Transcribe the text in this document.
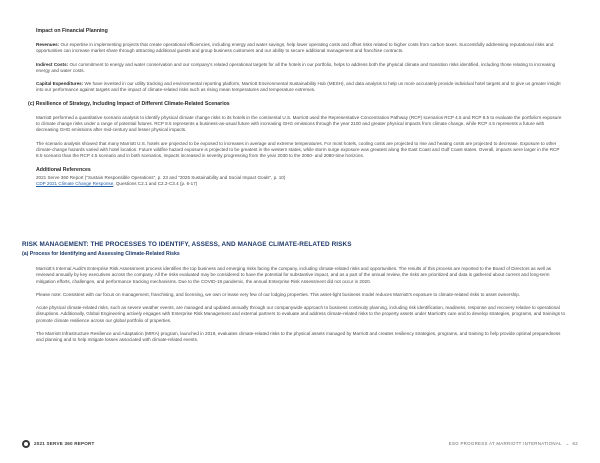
Impact on Financial Planning

Revenues: Our expertise in implementing projects that create operational efficiencies, including energy and water savings, help lower operating costs and offset risks related to higher costs from carbon taxes. Successfully addressing reputational risks and opportunities can increase market share through attracting additional guests and group business customers and our ability to secure additional management and franchise contracts.

Indirect Costs: Our commitment to energy and water conservation and our company's related operational targets for all the hotels in our portfolio, helps to address both the physical climate and transition risks identified, including those relating to increasing energy and water costs.

Capital Expenditures: We have invested in our utility tracking and environmental reporting platform, Marriott Environmental Sustainability Hub (MESH), and data analysis to help us more accurately provide individual hotel targets and to give us greater insight into our performance against targets and the impact of climate-related risks such as rising mean temperatures and temperature extremes.

(c) Resilience of Strategy, Including Impact of Different Climate-Related Scenarios

Marriott performed a quantitative scenario analysis to identify physical climate change risks to its hotels in the continental U.S. Marriott used the Representative Concentration Pathway (RCP) scenarios RCP 4.5 and RCP 8.5 to evaluate the portfolio's exposure to climate change risks under a range of potential futures. RCP 8.5 represents a business-as-usual future with increasing GHG emissions through the year 2100 and greater physical impacts from climate change, while RCP 4.5 represents a future with decreasing GHG emissions after mid-century and lesser physical impacts.

The scenario analysis showed that many Marriott U.S. hotels are projected to be exposed to increases in average and extreme temperatures. For most hotels, cooling costs are projected to rise and heating costs are projected to decrease. Exposure to other climate-change hazards varied with hotel location. Future wildfire hazard exposure is projected to be greatest in the western states, while storm surge exposure was greatest along the East Coast and Gulf Coast states. Overall, impacts were larger in the RCP 8.5 scenario than the RCP 4.5 scenario and in both scenarios, impacts increased in severity progressing from the year 2030 to the 2050- and 2080-time horizons.

Additional References

2021 Serve 360 Report ("Sustain Responsible Operations", p. 23 and "2025 Sustainability and Social Impact Goals", p. 10)

CDP 2021 Climate Change Response, Questions C2.1 and C2.2-C3.4 (p. 6-17)

RISK MANAGEMENT: THE PROCESSES TO IDENTIFY, ASSESS, AND MANAGE CLIMATE-RELATED RISKS
(a) Process for Identifying and Assessing Climate-Related Risks

Marriott's Internal Audit's Enterprise Risk Assessment process identifies the top business and emerging risks facing the company, including climate-related risks and opportunities. The results of this process are reported to the Board of Directors as well as reviewed annually by key executives across the company. All the risks evaluated may be considered to have the potential for substantive impact, and as a part of the annual review, the risks are prioritized and data is gathered about current and long-term mitigation efforts, challenges, and performance tracking mechanisms. Due to the COVID-19 pandemic, the annual Enterprise Risk Assessment did not occur in 2020.

Please note: Consistent with our focus on management, franchising, and licensing, we own or lease very few of our lodging properties. This asset-light business model reduces Marriott's exposure to climate-related risks to asset ownership.

Acute physical climate-related risks, such as severe weather events, are managed and updated annually through our companywide approach to business continuity planning, including risk identification, readiness, response and recovery relative to operational disruptions. Additionally, Global Engineering actively engages with Enterprise Risk Management and external partners to evaluate and address climate-related risks to the property assets under Marriott's care and to develop strategies, programs, and trainings to promote climate resilience across our global portfolio of properties.

The Marriott Infrastructure Resilience and Adaptation (MIRA) program, launched in 2019, evaluates climate-related risks to the physical assets managed by Marriott and creates resiliency strategies, programs, and training to help provide optimal preparedness and planning and to help mitigate losses associated with climate-related events.

2021 SERVE 360 REPORT	ESG PROGRESS AT MARRIOTT INTERNATIONAL → 62
